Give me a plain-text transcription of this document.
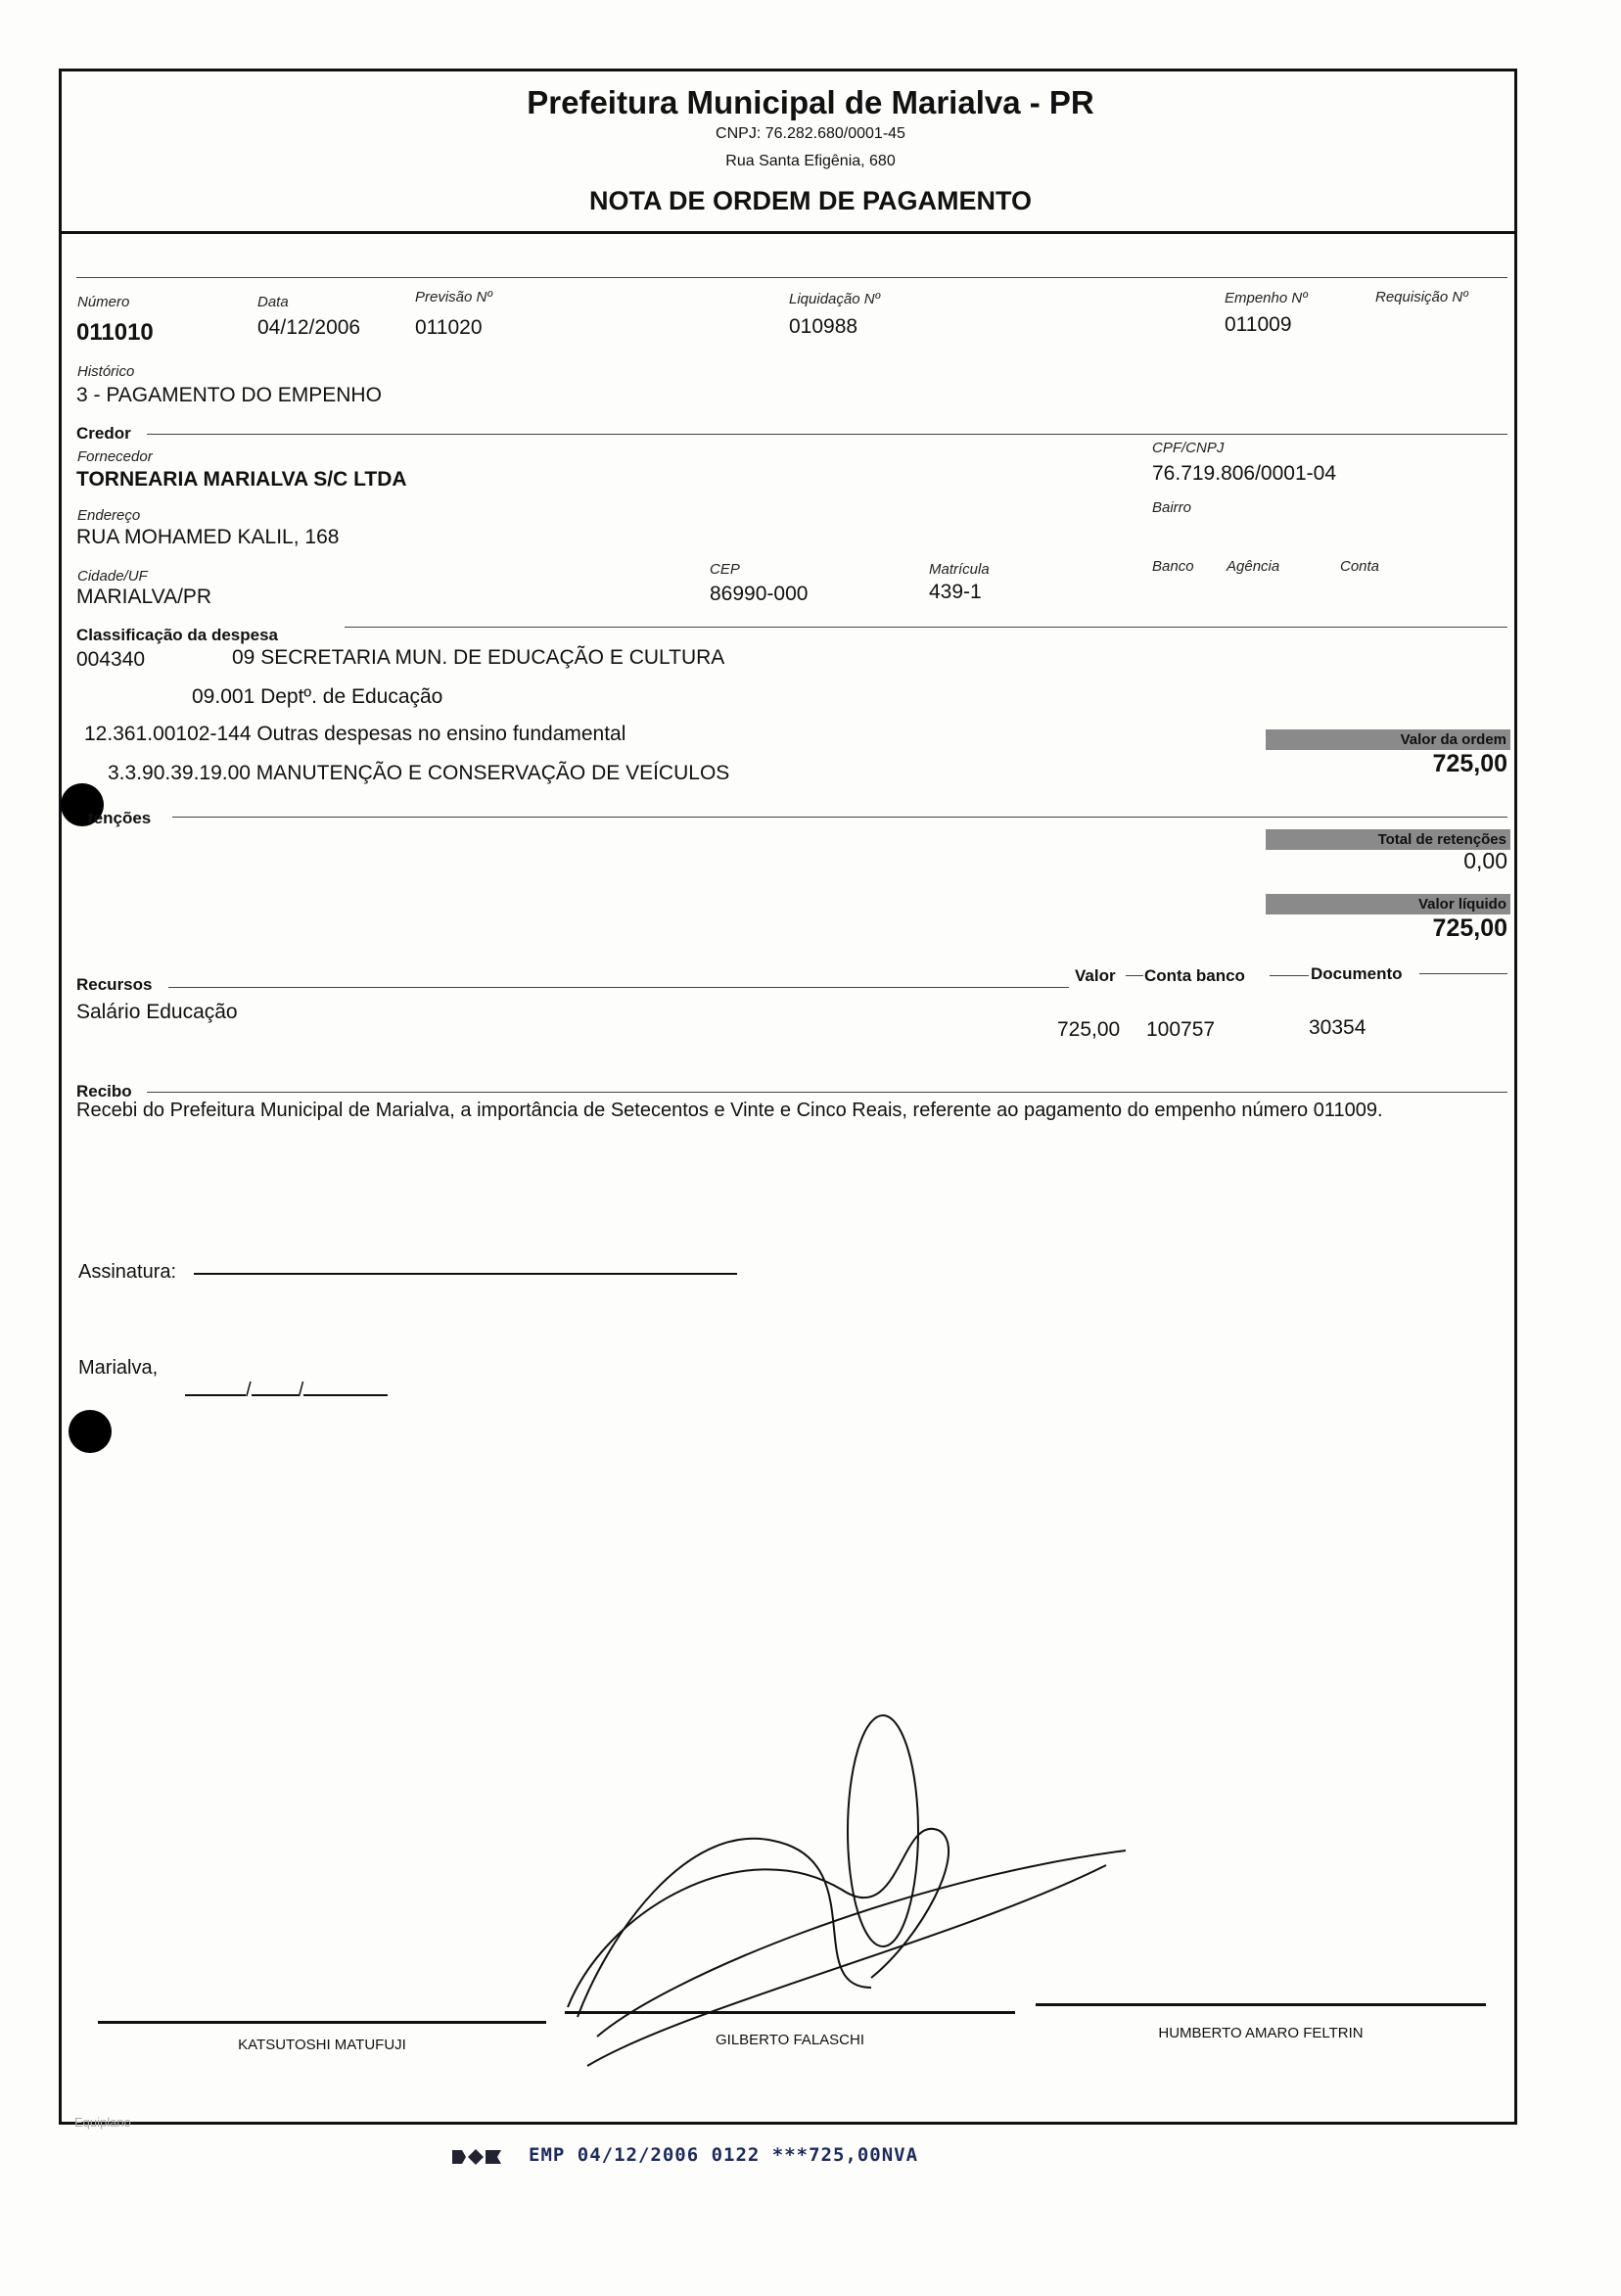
Prefeitura Municipal de Marialva - PR
CNPJ: 76.282.680/0001-45
Rua Santa Efigênia, 680
NOTA DE ORDEM DE PAGAMENTO
Número
011010
Data
04/12/2006
Previsão Nº
011020
Liquidação Nº
010988
Empenho Nº
011009
Requisição Nº
Histórico
3 - PAGAMENTO DO EMPENHO
Credor
Fornecedor
TORNEARIA MARIALVA S/C LTDA
CPF/CNPJ
76.719.806/0001-04
Endereço
RUA MOHAMED KALIL, 168
Bairro
Cidade/UF
MARIALVA/PR
CEP
86990-000
Matrícula
439-1
Banco Agência	Conta
Classificação da despesa
004340	09 SECRETARIA MUN. DE EDUCAÇÃO E CULTURA
09.001 Deptº. de Educação
12.361.00102-144 Outras despesas no ensino fundamental
3.3.90.39.19.00 MANUTENÇÃO E CONSERVAÇÃO DE VEÍCULOS
Valor da ordem
725,00
tenções
Total de retenções
0,00
Valor líquido
725,00
Recursos	Valor Conta banco	Documento
Salário Educação
725,00 100757	30354
Recibo
Recebi do Prefeitura Municipal de Marialva, a importância de Setecentos e Vinte e Cinco Reais, referente ao pagamento do empenho número 011009.
Assinatura:
Marialva,

/ /

KATSUTOSHI MATUFUJI	GILBERTO FALASCHI	HUMBERTO AMARO FELTRIN
Equiplano
EMP 04/12/2006 0122 ***725,00NVA
